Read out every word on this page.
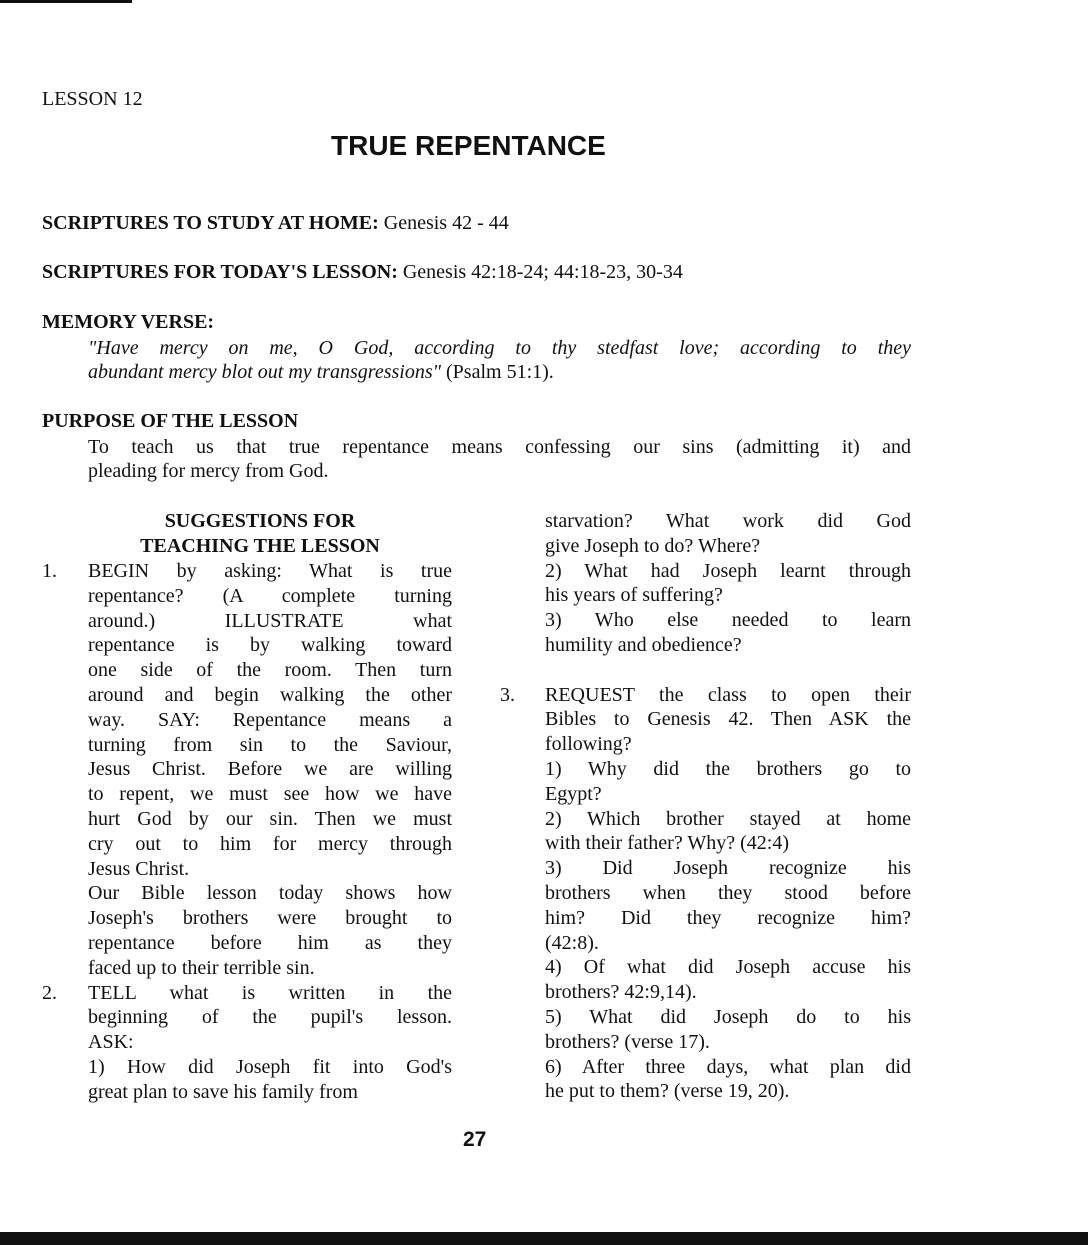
LESSON 12
TRUE REPENTANCE
SCRIPTURES TO STUDY AT HOME: Genesis 42 - 44
SCRIPTURES FOR TODAY'S LESSON: Genesis 42:18-24; 44:18-23, 30-34
MEMORY VERSE:
"Have mercy on me, O God, according to thy stedfast love; according to they
abundant mercy blot out my transgressions" (Psalm 51:1).
PURPOSE OF THE LESSON
To teach us that true repentance means confessing our sins (admitting it) and
pleading for mercy from God.
SUGGESTIONS FOR
TEACHING THE LESSON
1. BEGIN by asking: What is true
repentance? (A complete turning
around.) ILLUSTRATE what
repentance is by walking toward
one side of the room. Then turn
around and begin walking the other
way. SAY: Repentance means a
turning from sin to the Saviour,
Jesus Christ. Before we are willing
to repent, we must see how we have
hurt God by our sin. Then we must
cry out to him for mercy through
Jesus Christ.
Our Bible lesson today shows how
Joseph's brothers were brought to
repentance before him as they
faced up to their terrible sin.
2. TELL what is written in the
beginning of the pupil's lesson.
ASK:
1) How did Joseph fit into God's
great plan to save his family from
starvation? What work did God
give Joseph to do? Where?
2) What had Joseph learnt through
his years of suffering?
3) Who else needed to learn
humility and obedience?
3. REQUEST the class to open their
Bibles to Genesis 42. Then ASK the
following?
1) Why did the brothers go to
Egypt?
2) Which brother stayed at home
with their father? Why? (42:4)
3) Did Joseph recognize his
brothers when they stood before
him? Did they recognize him?
(42:8).
4) Of what did Joseph accuse his
brothers? 42:9,14).
5) What did Joseph do to his
brothers? (verse 17).
6) After three days, what plan did
he put to them? (verse 19, 20).
27
